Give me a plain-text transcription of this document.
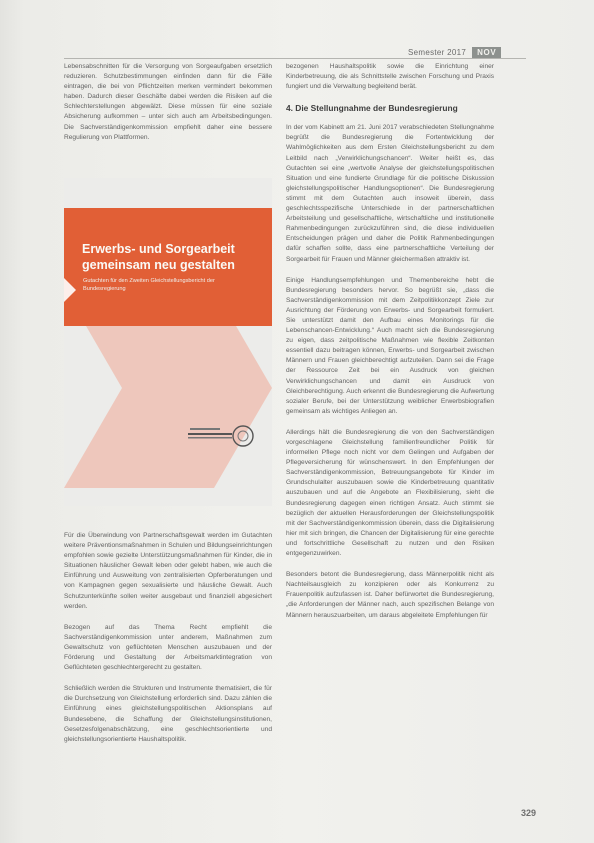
Semester 2017	NOV

Lebensabschnitten für die Versorgung von Sorgeaufgaben ersetzlich reduzieren. Schutzbestimmungen einfinden dann für die Fälle eintragen, die bei von Pflichtzeiten merken vermindert bekommen haben. Dadurch dieser Geschäfte dabei werden die Risiken auf die Schlechterstellungen abgewälzt. Diese müssen für eine soziale Absicherung aufkommen – unter sich auch am Arbeitsbedingungen. Die Sachverständigenkommission empfiehlt daher eine bessere Regulierung von Plattformen.

Erwerbs- und Sorgearbeit gemeinsam neu gestalten

Gutachten für den Zweiten Gleichstellungsbericht der Bundesregierung

Für die Überwindung von Partnerschaftsgewalt werden im Gutachten weitere Präventionsmaßnahmen in Schulen und Bildungseinrichtungen empfohlen sowie gezielte Unterstützungsmaßnahmen für Kinder, die in Situationen häuslicher Gewalt leben oder gelebt haben, wie auch die Einführung und Ausweitung von zentralisierten Opferberatungen und von Kampagnen gegen sexualisierte und häusliche Gewalt. Auch Schutzunterkünfte sollen weiter ausgebaut und finanziell abgesichert werden.

Bezogen auf das Thema Recht empfiehlt die Sachverständigenkommission unter anderem, Maßnahmen zum Gewaltschutz von geflüchteten Menschen auszubauen und der Förderung und Gestaltung der Arbeitsmarktintegration von Geflüchteten geschlechtergerecht zu gestalten.

Schließlich werden die Strukturen und Instrumente thematisiert, die für die Durchsetzung von Gleichstellung erforderlich sind. Dazu zählen die Einführung eines gleichstellungspolitischen Aktionsplans auf Bundesebene, die Schaffung der Gleichstellungsinstitutionen, Gesetzesfolgenabschätzung, eine geschlechtsorientierte und gleichstellungsorientierte Haushaltspolitik.

bezogenen Haushaltspolitik sowie die Einrichtung einer Kinderbetreuung, die als Schnittstelle zwischen Forschung und Praxis fungiert und die Verwaltung begleitend berät.

4. Die Stellungnahme der Bundesregierung

In der vom Kabinett am 21. Juni 2017 verabschiedeten Stellungnahme begrüßt die Bundesregierung die Fortentwicklung der Wahlmöglichkeiten aus dem Ersten Gleichstellungsbericht zu dem Leitbild nach „Verwirklichungschancen“. Weiter heißt es, das Gutachten sei eine „wertvolle Analyse der gleichstellungspolitischen Situation und eine fundierte Grundlage für die politische Diskussion gleichstellungspolitischer Handlungsoptionen“. Die Bundesregierung stimmt mit dem Gutachten auch insoweit überein, dass geschlechtsspezifische Unterschiede in der partnerschaftlichen Arbeitsteilung und gesellschaftliche, wirtschaftliche und institutionelle Rahmenbedingungen zurückzuführen sind, die diese individuellen Entscheidungen prägen und daher die Politik Rahmenbedingungen dafür schaffen sollte, dass eine partnerschaftliche Verteilung der Sorgearbeit für Frauen und Männer gleichermaßen attraktiv ist.

Einige Handlungsempfehlungen und Themenbereiche hebt die Bundesregierung besonders hervor. So begrüßt sie, „dass die Sachverständigenkommission mit dem Zeitpolitikkonzept Ziele zur Ausrichtung der Förderung von Erwerbs- und Sorgearbeit formuliert. Sie unterstützt damit den Aufbau eines Monitorings für die Lebenschancen-Entwicklung.“ Auch macht sich die Bundesregierung zu eigen, dass zeitpolitische Maßnahmen wie flexible Zeitkonten essentiell dazu beitragen können, Erwerbs- und Sorgearbeit zwischen Männern und Frauen gleichberechtigt aufzuteilen. Dann sei die Frage der Ressource Zeit bei ein Ausdruck von gleichen Verwirklichungschancen und damit ein Ausdruck von Gleichberechtigung. Auch erkennt die Bundesregierung die Aufwertung sozialer Berufe, bei der Unterstützung weiblicher Erwerbsbiografien gemeinsam als wichtiges Anliegen an.

Allerdings hält die Bundesregierung die von den Sachverständigen vorgeschlagene Gleichstellung familienfreundlicher Politik für informellen Pflege noch nicht vor dem Gelingen und Aufgaben der Pflegeversicherung für wünschenswert. In den Empfehlungen der Sachverständigenkommission, Betreuungsangebote für Kinder im Grundschulalter auszubauen sowie die Kinderbetreuung quantitativ auszubauen und auf die Angebote an Flexibilisierung, sieht die Bundesregierung dagegen einen richtigen Ansatz. Auch stimmt sie bezüglich der aktuellen Herausforderungen der Gleichstellungspolitik mit der Sachverständigenkommission überein, dass die Digitalisierung hier mit sich bringen, die Chancen der Digitalisierung für eine gerechte und fortschrittliche Gesellschaft zu nutzen und den Risiken entgegenzuwirken.

Besonders betont die Bundesregierung, dass Männerpolitik nicht als Nachteilsausgleich zu konzipieren oder als Konkurrenz zu Frauenpolitik aufzufassen ist. Daher befürwortet die Bundesregierung, „die Anforderungen der Männer nach, auch spezifischen Belange von Männern herauszuarbeiten, um daraus abgeleitete Empfehlungen für

329
